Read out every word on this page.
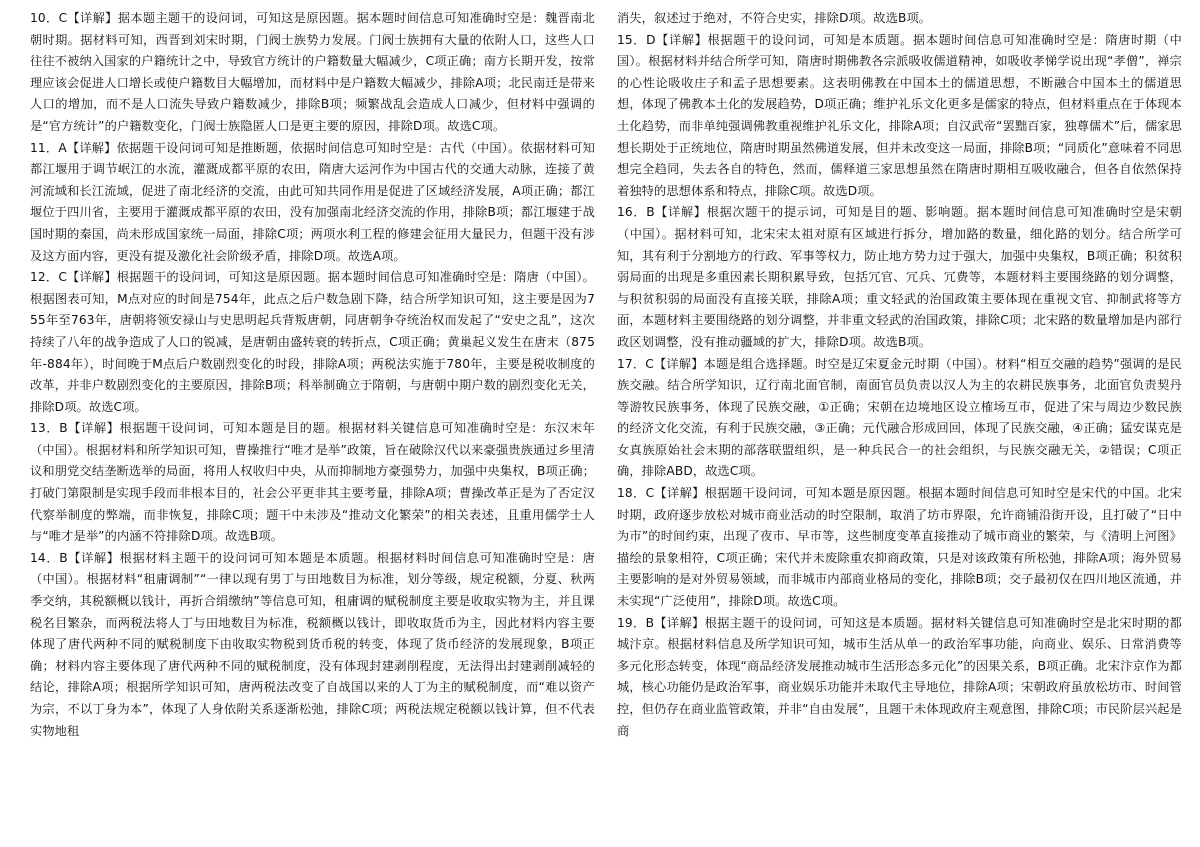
10．C【详解】据本题主题干的设问词，可知这是原因题。据本题时间信息可知准确时空是：魏晋南北朝时期。据材料可知，西晋到刘宋时期，门阀士族势力发展。门阀士族拥有大量的依附人口，这些人口往往不被纳入国家的户籍统计之中，导致官方统计的户籍数量大幅减少，C项正确；南方长期开发，按常理应该会促进人口增长或使户籍数目大幅增加，而材料中是户籍数大幅减少，排除A项；北民南迁是带来人口的增加，而不是人口流失导致户籍数减少，排除B项；频繁战乱会造成人口减少，但材料中强调的是“官方统计”的户籍数变化，门阀士族隐匿人口是更主要的原因，排除D项。故选C项。

11．A【详解】依据题干设问词可知是推断题，依据时间信息可知时空是：古代（中国）。依据材料可知都江堰用于调节岷江的水流，灌溉成都平原的农田，隋唐大运河作为中国古代的交通大动脉，连接了黄河流域和长江流域，促进了南北经济的交流，由此可知共同作用是促进了区域经济发展，A项正确；都江堰位于四川省，主要用于灌溉成都平原的农田，没有加强南北经济交流的作用，排除B项；都江堰建于战国时期的秦国，尚未形成国家统一局面，排除C项；两项水利工程的修建会征用大量民力，但题干没有涉及这方面内容，更没有提及激化社会阶级矛盾，排除D项。故选A项。

12．C【详解】根据题干的设问词，可知这是原因题。据本题时间信息可知准确时空是：隋唐（中国）。根据图表可知，M点对应的时间是754年，此点之后户数急剧下降，结合所学知识可知，这主要是因为755年至763年，唐朝将领安禄山与史思明起兵背叛唐朝，同唐朝争夺统治权而发起了“安史之乱”，这次持续了八年的战争造成了人口的锐减，是唐朝由盛转衰的转折点，C项正确；黄巢起义发生在唐末（875年-884年），时间晚于M点后户数剧烈变化的时段，排除A项；两税法实施于780年，主要是税收制度的改革，并非户数剧烈变化的主要原因，排除B项；科举制确立于隋朝，与唐朝中期户数的剧烈变化无关，排除D项。故选C项。

13．B【详解】根据题干设问词，可知本题是目的题。根据材料关键信息可知准确时空是：东汉末年（中国）。根据材料和所学知识可知，曹操推行“唯才是举”政策，旨在破除汉代以来豪强贵族通过乡里清议和朋党交结垄断选举的局面，将用人权收归中央，从而抑制地方豪强势力，加强中央集权，B项正确；打破门第限制是实现手段而非根本目的，社会公平更非其主要考量，排除A项；曹操改革正是为了否定汉代察举制度的弊端，而非恢复，排除C项；题干中未涉及“推动文化繁荣”的相关表述，且重用儒学士人与“唯才是举”的内涵不符排除D项。故选B项。

14．B【详解】根据材料主题干的设问词可知本题是本质题。根据材料时间信息可知准确时空是：唐（中国）。根据材料“租庸调制”“一律以现有男丁与田地数目为标准，划分等级，规定税额，分夏、秋两季交纳，其税额概以钱计，再折合绢缴纳”等信息可知，租庸调的赋税制度主要是收取实物为主，并且课税名目繁杂，而两税法将人丁与田地数目为标准，税额概以钱计，即收取货币为主，因此材料内容主要体现了唐代两种不同的赋税制度下由收取实物税到货币税的转变，体现了货币经济的发展现象，B项正确；材料内容主要体现了唐代两种不同的赋税制度，没有体现封建剥削程度，无法得出封建剥削减轻的结论，排除A项；根据所学知识可知，唐两税法改变了自战国以来的人丁为主的赋税制度，而“难以资产为宗，不以丁身为本”，体现了人身依附关系逐渐松弛，排除C项；两税法规定税额以钱计算，但不代表实物地租

消失，叙述过于绝对，不符合史实，排除D项。故选B项。

15．D【详解】根据题干的设问词，可知是本质题。据本题时间信息可知准确时空是：隋唐时期（中国）。根据材料并结合所学可知，隋唐时期佛教各宗派吸收儒道精神，如吸收孝悌学说出现“孝僧”，禅宗的心性论吸收庄子和孟子思想要素。这表明佛教在中国本土的儒道思想，不断融合中国本土的儒道思想，体现了佛教本土化的发展趋势，D项正确；维护礼乐文化更多是儒家的特点，但材料重点在于体现本土化趋势，而非单纯强调佛教重视维护礼乐文化，排除A项；自汉武帝“罢黜百家，独尊儒术”后，儒家思想长期处于正统地位，隋唐时期虽然佛道发展，但并未改变这一局面，排除B项；“同质化”意味着不同思想完全趋同，失去各自的特色，然而，儒释道三家思想虽然在隋唐时期相互吸收融合，但各自依然保持着独特的思想体系和特点，排除C项。故选D项。

16．B【详解】根据次题干的提示词，可知是目的题、影响题。据本题时间信息可知准确时空是宋朝（中国）。据材料可知，北宋宋太祖对原有区域进行拆分，增加路的数量，细化路的划分。结合所学可知，其有利于分割地方的行政、军事等权力，防止地方势力过于强大，加强中央集权，B项正确；积贫积弱局面的出现是多重因素长期积累导致，包括冗官、冗兵、冗费等，本题材料主要围绕路的划分调整，与积贫积弱的局面没有直接关联，排除A项；重文轻武的治国政策主要体现在重视文官、抑制武将等方面，本题材料主要围绕路的划分调整，并非重文轻武的治国政策，排除C项；北宋路的数量增加是内部行政区划调整，没有推动疆域的扩大，排除D项。故选B项。

17．C【详解】本题是组合选择题。时空是辽宋夏金元时期（中国）。材料“相互交融的趋势”强调的是民族交融。结合所学知识，辽行南北面官制，南面官员负责以汉人为主的农耕民族事务，北面官负责契丹等游牧民族事务，体现了民族交融，①正确；宋朝在边境地区设立榷场互市，促进了宋与周边少数民族的经济文化交流，有利于民族交融，③正确；元代融合形成回回，体现了民族交融，④正确；猛安谋克是女真族原始社会末期的部落联盟组织，是一种兵民合一的社会组织，与民族交融无关，②错误；C项正确，排除ABD，故选C项。

18．C【详解】根据题干设问词，可知本题是原因题。根据本题时间信息可知时空是宋代的中国。北宋时期，政府逐步放松对城市商业活动的时空限制，取消了坊市界限，允许商铺沿街开设，且打破了“日中为市”的时间约束，出现了夜市、早市等，这些制度变革直接推动了城市商业的繁荣，与《清明上河图》描绘的景象相符，C项正确；宋代并未废除重农抑商政策，只是对该政策有所松弛，排除A项；海外贸易主要影响的是对外贸易领域，而非城市内部商业格局的变化，排除B项；交子最初仅在四川地区流通，并未实现“广泛使用”，排除D项。故选C项。

19．B【详解】根据主题干的设问词，可知这是本质题。据材料关键信息可知准确时空是北宋时期的都城汴京。根据材料信息及所学知识可知，城市生活从单一的政治军事功能，向商业、娱乐、日常消费等多元化形态转变，体现“商品经济发展推动城市生活形态多元化”的因果关系，B项正确。北宋汴京作为都城，核心功能仍是政治军事，商业娱乐功能并未取代主导地位，排除A项；宋朝政府虽放松坊市、时间管控，但仍存在商业监管政策，并非“自由发展”，且题干未体现政府主观意图，排除C项；市民阶层兴起是商
